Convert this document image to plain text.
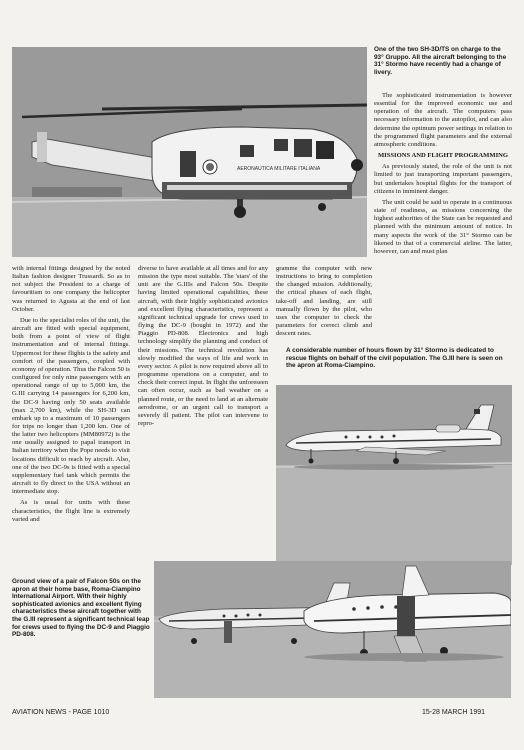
AERONAUTICA MILITARE ITALIANA
One of the two SH-3D/TS on charge to the 93° Gruppo. All the aircraft belonging to the 31° Stormo have recently had a change of livery.

The sophisticated instrumentation is however essential for the improved economic use and operation of the aircraft. The computers pass necessary information to the autopilot, and can also determine the optimum power settings in relation to the programmed flight parameters and the external atmospheric conditions.

MISSIONS AND FLIGHT PROGRAMMING

As previously stated, the role of the unit is not limited to just transporting important passengers, but undertakes hospital flights for the transport of citizens in imminent danger.

The unit could be said to operate in a continuous state of readiness, as missions concerning the highest authorities of the State can be requested and planned with the minimum amount of notice. In many aspects the work of the 31° Stormo can be likened to that of a commercial airline. The latter, however, can and must plan

A considerable number of hours flown by 31° Stormo is dedicated to rescue flights on behalf of the civil population. The G.III here is seen on the apron at Roma-Ciampino.

with internal fittings designed by the noted Italian fashion designer Trussardi. So as to not subject the President to a charge of favouritism to one company the helicopter was returned to Agusta at the end of last October.

Due to the specialist roles of the unit, the aircraft are fitted with special equipment, both from a point of view of flight instrumentation and of internal fittings. Uppermost for these flights is the safety and comfort of the passengers, coupled with economy of operation. Thus the Falcon 50 is configured for only nine passengers with an operational range of up to 5,000 km, the G.III carrying 14 passengers for 6,200 km, the DC-9 having only 50 seats available (max 2,700 km), while the SH-3D can embark up to a maximum of 10 passengers for trips no longer than 1,200 km. One of the latter two helicopters (MM80972) is the one usually assigned to papal transport in Italian territory when the Pope needs to visit locations difficult to reach by aircraft. Also, one of the two DC-9s is fitted with a special supplementary fuel tank which permits the aircraft to fly direct to the USA without an intermediate stop.

As is usual for units with these characteristics, the flight line is extremely varied and

diverse to have available at all times and for any mission the type most suitable. The 'stars' of the unit are the G.IIIs and Falcon 50s. Despite having limited operational capabilities, these aircraft, with their highly sophisticated avionics and excellent flying characteristics, represent a significant technical upgrade for crews used to flying the DC-9 (bought in 1972) and the Piaggio PD-808. Electronics and high technology simplify the planning and conduct of their missions. The technical revolution has slowly modified the ways of life and work in every sector. A pilot is now required above all to programme operations on a computer, and to check their correct input. In flight the unforeseen can often occur, such as bad weather on a planned route, or the need to land at an alternate aerodrome, or an urgent call to transport a severely ill patient. The pilot can intervene to repro-

gramme the computer with new instructions to bring to completion the changed mission. Additionally, the critical phases of each flight, take-off and landing, are still manually flown by the pilot, who uses the computer to check the parameters for correct climb and descent rates.

Ground view of a pair of Falcon 50s on the apron at their home base, Roma-Ciampino International Airport. With their highly sophisticated avionics and excellent flying characteristics these aircraft together with the G.III represent a significant technical leap for crews used to flying the DC-9 and Piaggio PD-808.
AVIATION NEWS - PAGE 1010	15-28 MARCH 1991
